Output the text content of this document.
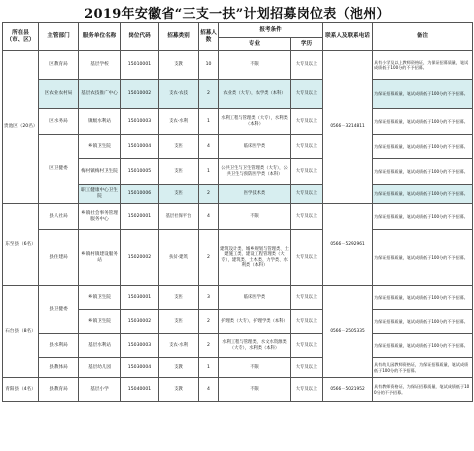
2019年安徽省“三支一扶”计划招募岗位表（池州）
所在县（市、区）	主管部门	服务单位名称	岗位代码	招募类别	招募人数	报考条件		联系人及联系电话	备注
						专业	学历		
贵池区（20名）	区教育局	基层学校	15010001	支教	10	不限	大专及以上	0566－3214811	具有小学及以上教师资格证，为保证招募质量，笔试成绩低于100分的不予招募。
	区农业农村局	基层农技推广中心	15010002	支农-农技	2	农业类（大专），农学类（本科）	大专及以上		为保证招募质量，笔试成绩低于100分的不予招募。
	区水务局	镇级水利站	15010003	支农-水利	1	水利工程与管理类（大专），水利类（本科）	大专及以上		为保证招募质量，笔试成绩低于100分的不予招募。
	区卫健委	乡镇卫生院	15010004	支医	4	临床医学类	大专及以上		为保证招募质量，笔试成绩低于100分的不予招募。
		梅村镇梅村卫生院	15010005	支医	1	公共卫生与卫生管理类（大专），公共卫生与预防医学类（本科）	大专及以上		为保证招募质量，笔试成绩低于100分的不予招募。
		职工健康中心卫生院	15010006	支医	2	医学技术类	大专及以上		为保证招募质量，笔试成绩低于100分的不予招募。
东至县（6名）	县人社局	乡镇社会事务管理服务中心	15020001	基层社保平台	4	不限	大专及以上	0566－5292961	为保证招募质量，笔试成绩低于100分的不予招募。
	县住建局	乡镇村镇建设服务站	15020002	扶贫-建筑	2	建筑设计类、城乡规划与管理类、土建施工类、建设工程管理类（大专），建筑类、土木类、力学类、水利类（本科）	大专及以上		为保证招募质量，笔试成绩低于100分的不予招募。
石台县（8名）	县卫健委	乡镇卫生院	15030001	支医	3	临床医学类	大专及以上	0566－2505335	为保证招募质量，笔试成绩低于100分的不予招募。
		乡镇卫生院	15030002	支医	2	护理类（大专），护理学类（本科）	大专及以上		为保证招募质量，笔试成绩低于100分的不予招募。
	县水利局	基层水利站	15030003	支农-水利	2	水利工程与管理类、水文水资源类（大专），水利类（本科）	大专及以上		为保证招募质量，笔试成绩低于100分的不予招募。
	县教体局	基层幼儿园	15030004	支教	1	不限	大专及以上		具有幼儿园教师资格证，为保证招募质量，笔试成绩低于100分的不予招募。
青阳县（4名）	县教育局	基层小学	15040001	支教	4	不限	大专及以上	0566－5021952	具有教师资格证，为保证招募质量，笔试成绩低于100分的不予招募。
